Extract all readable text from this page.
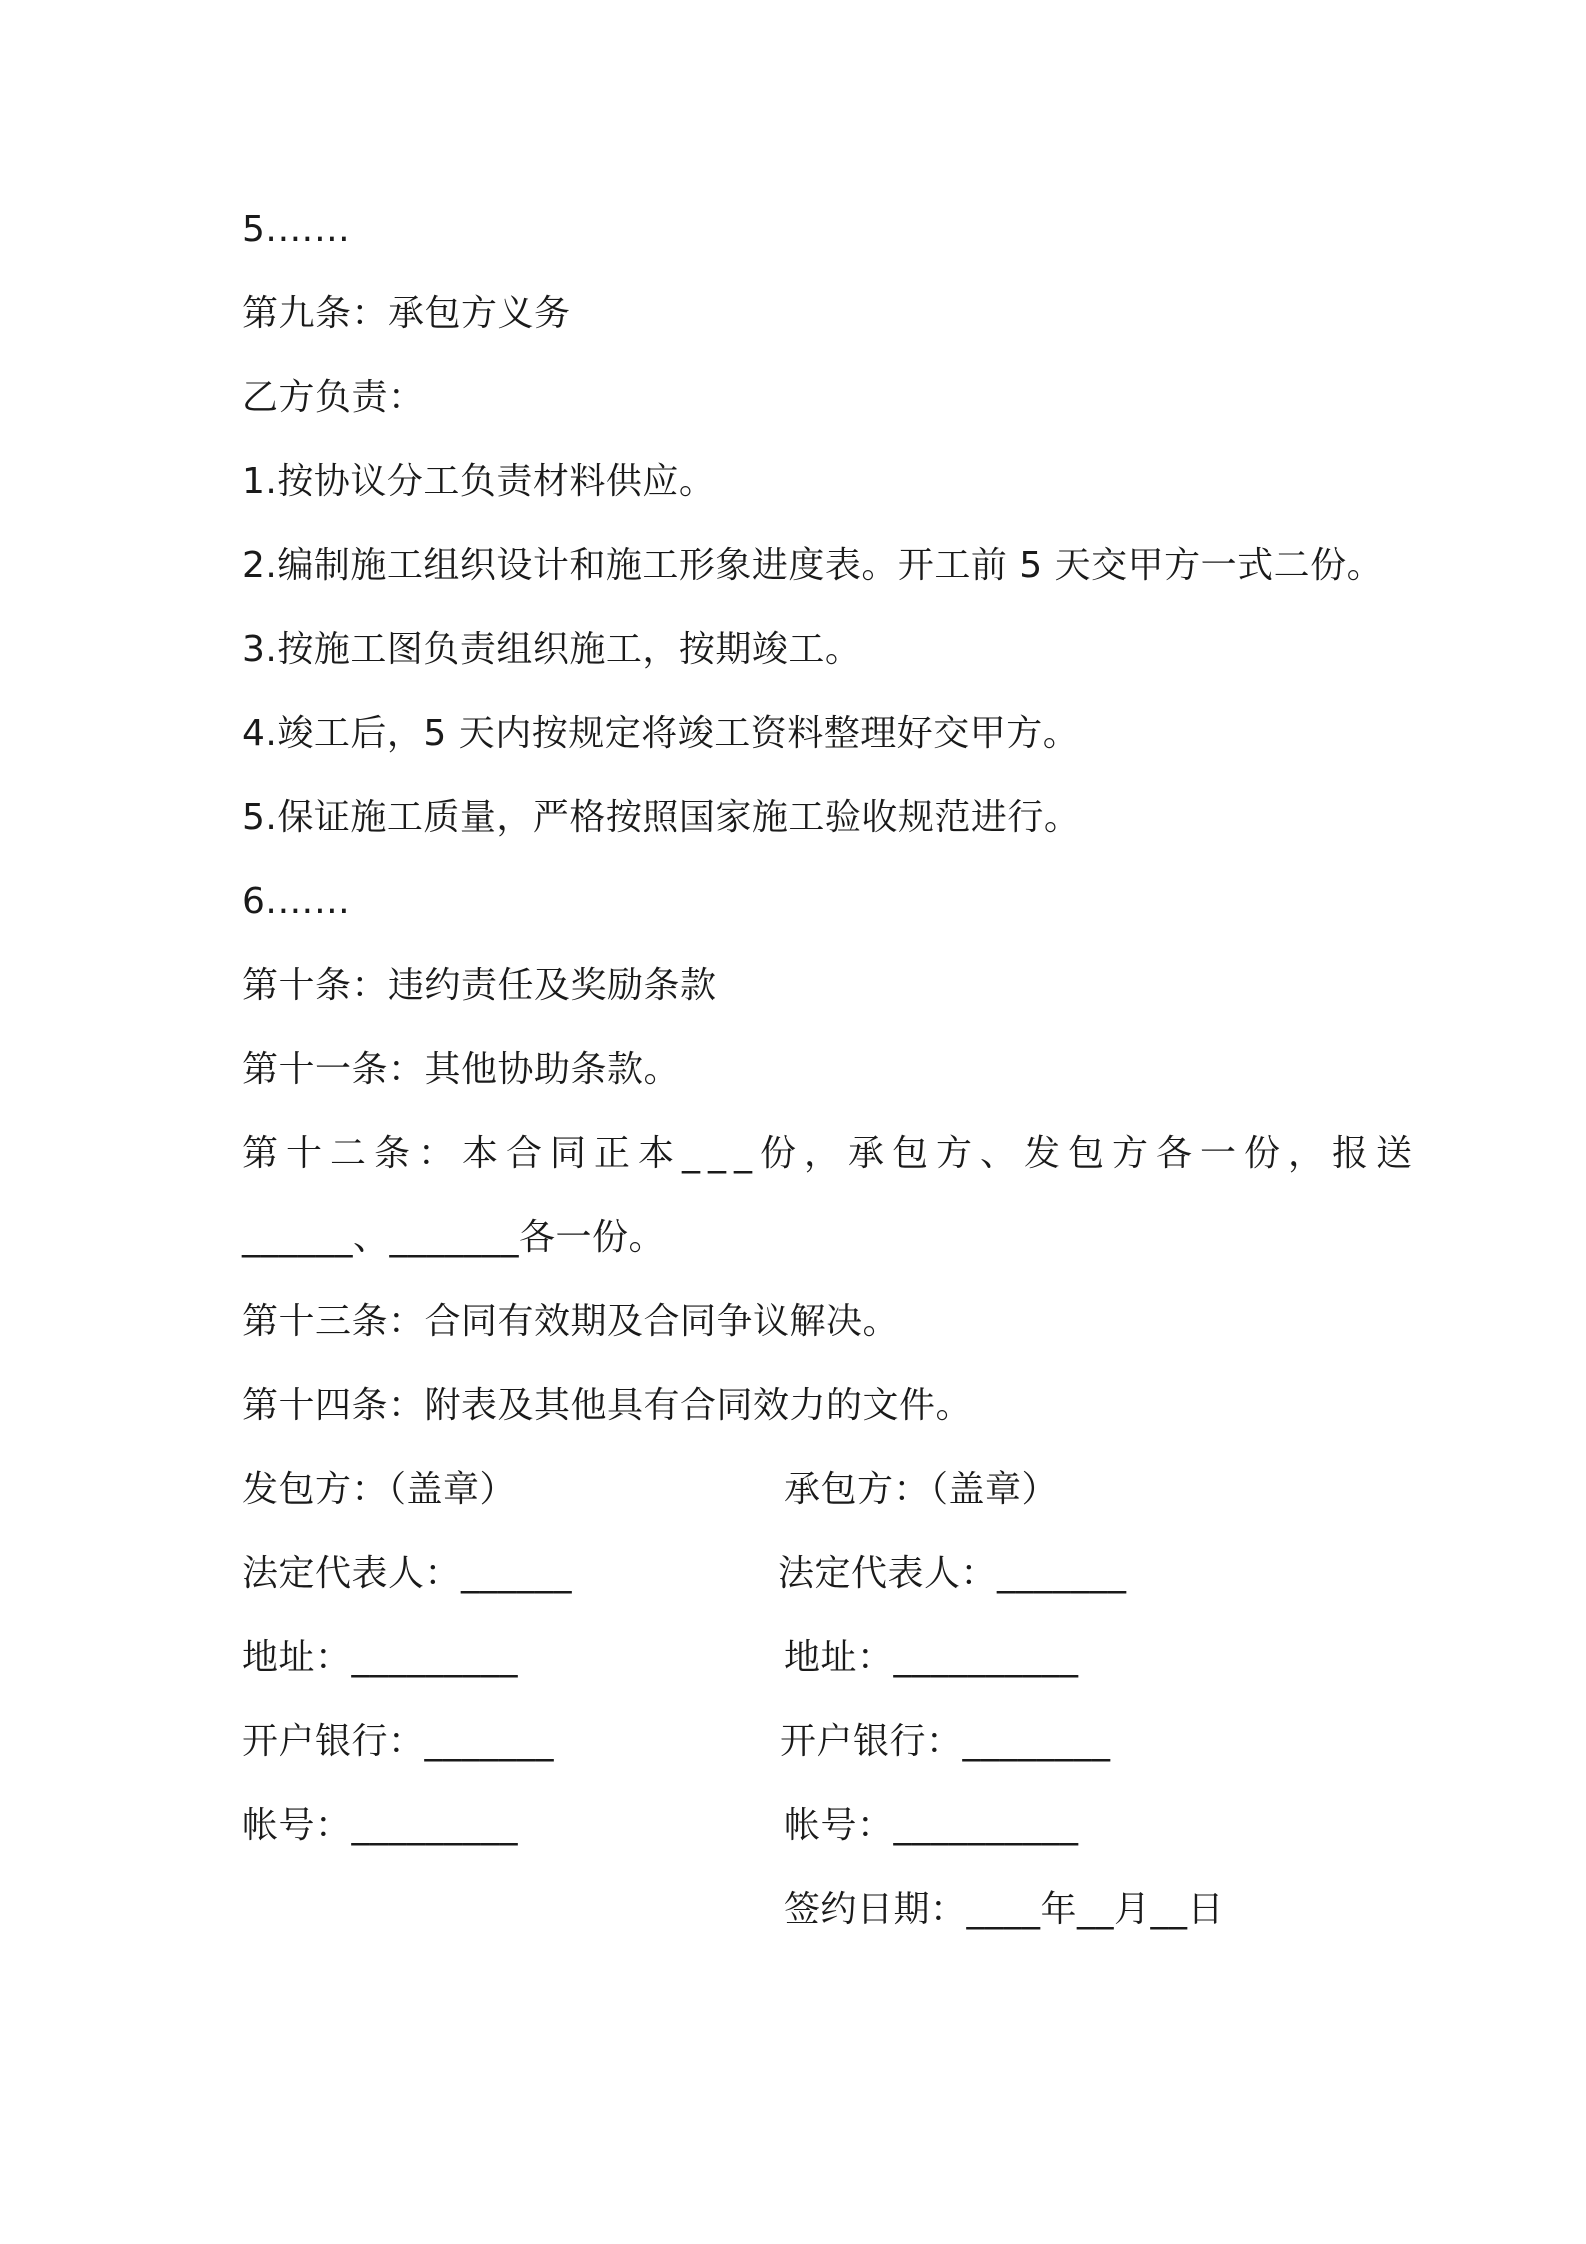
5.……
第九条：承包方义务
乙方负责：
1.按协议分工负责材料供应。
2.编制施工组织设计和施工形象进度表。开工前 5 天交甲方一式二份。
3.按施工图负责组织施工，按期竣工。
4.竣工后，5 天内按规定将竣工资料整理好交甲方。
5.保证施工质量，严格按照国家施工验收规范进行。
6.……
第十条：违约责任及奖励条款
第十一条：其他协助条款。
第十二条：本合同正本___份，承包方、发包方各一份，报送
______、_______各一份。
第十三条：合同有效期及合同争议解决。
第十四条：附表及其他具有合同效力的文件。
发包方：（盖章）
法定代表人：______
地址：_________
开户银行：_______
帐号：_________
承包方：（盖章）
法定代表人：_______
地址：__________
开户银行：________
帐号：__________
签约日期：____年__月__日
